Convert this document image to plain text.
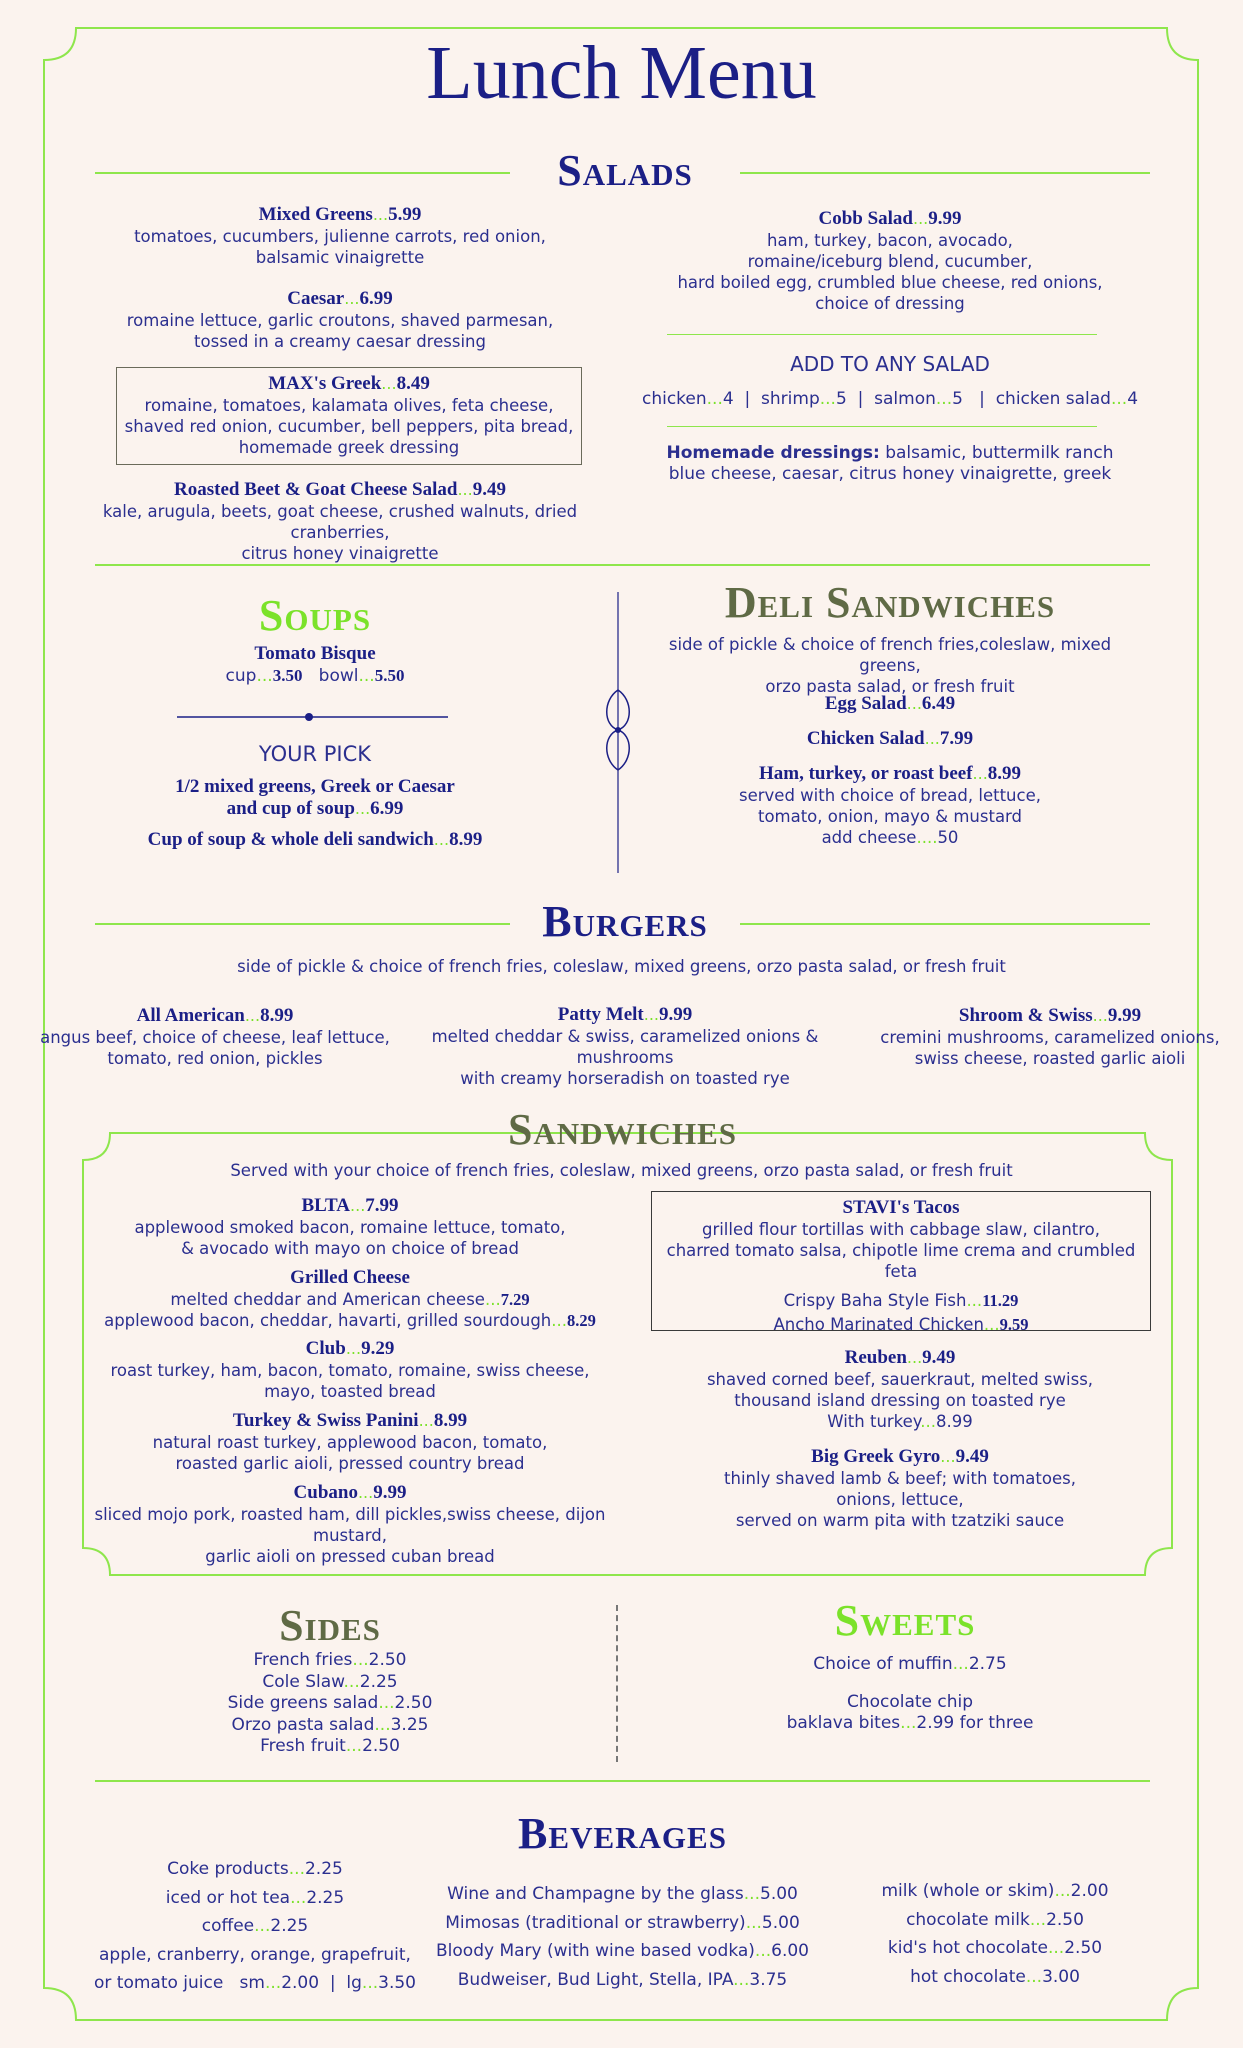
Lunch Menu
Salads
Mixed Greens...5.99
tomatoes, cucumbers, julienne carrots, red onion,
balsamic vinaigrette
Caesar...6.99
romaine lettuce, garlic croutons, shaved parmesan,
tossed in a creamy caesar dressing
MAX's Greek...8.49
romaine, tomatoes, kalamata olives, feta cheese,
shaved red onion, cucumber, bell peppers, pita bread,
homemade greek dressing
Roasted Beet & Goat Cheese Salad...9.49
kale, arugula, beets, goat cheese, crushed walnuts, dried cranberries,
citrus honey vinaigrette
Cobb Salad...9.99
ham, turkey, bacon, avocado,
romaine/iceburg blend, cucumber,
hard boiled egg, crumbled blue cheese, red onions,
choice of dressing
ADD TO ANY SALAD
chicken...4 | shrimp...5 | salmon...5 | chicken salad...4
Homemade dressings: balsamic, buttermilk ranch
blue cheese, caesar, citrus honey vinaigrette, greek
Soups
Tomato Bisque
cup...3.50 bowl...5.50
YOUR PICK
1/2 mixed greens, Greek or Caesar
and cup of soup...6.99
Cup of soup & whole deli sandwich...8.99
Deli Sandwiches
side of pickle & choice of french fries,coleslaw, mixed greens,
orzo pasta salad, or fresh fruit
Egg Salad...6.49
Chicken Salad...7.99
Ham, turkey, or roast beef...8.99
served with choice of bread, lettuce,
tomato, onion, mayo & mustard
add cheese....50
Burgers
side of pickle & choice of french fries, coleslaw, mixed greens, orzo pasta salad, or fresh fruit
All American...8.99
angus beef, choice of cheese, leaf lettuce,
tomato, red onion, pickles
Patty Melt...9.99
melted cheddar & swiss, caramelized onions & mushrooms
with creamy horseradish on toasted rye
Shroom & Swiss...9.99
cremini mushrooms, caramelized onions,
swiss cheese, roasted garlic aioli
Sandwiches
Served with your choice of french fries, coleslaw, mixed greens, orzo pasta salad, or fresh fruit
BLTA...7.99
applewood smoked bacon, romaine lettuce, tomato,
& avocado with mayo on choice of bread
Grilled Cheese
melted cheddar and American cheese...7.29
applewood bacon, cheddar, havarti, grilled sourdough...8.29
Club...9.29
roast turkey, ham, bacon, tomato, romaine, swiss cheese,
mayo, toasted bread
Turkey & Swiss Panini...8.99
natural roast turkey, applewood bacon, tomato,
roasted garlic aioli, pressed country bread
Cubano...9.99
sliced mojo pork, roasted ham, dill pickles,swiss cheese, dijon mustard,
garlic aioli on pressed cuban bread
STAVI's Tacos
grilled flour tortillas with cabbage slaw, cilantro,
charred tomato salsa, chipotle lime crema and crumbled feta
Crispy Baha Style Fish...11.29
Ancho Marinated Chicken...9.59
Reuben...9.49
shaved corned beef, sauerkraut, melted swiss,
thousand island dressing on toasted rye
With turkey...8.99
Big Greek Gyro...9.49
thinly shaved lamb & beef; with tomatoes,
onions, lettuce,
served on warm pita with tzatziki sauce
Sides
French fries...2.50
Cole Slaw...2.25
Side greens salad...2.50
Orzo pasta salad...3.25
Fresh fruit...2.50
Sweets
Choice of muffin...2.75
Chocolate chip
baklava bites...2.99 for three
Beverages
Coke products...2.25
iced or hot tea...2.25
coffee...2.25
apple, cranberry, orange, grapefruit,
or tomato juice sm...2.00 | lg...3.50
Wine and Champagne by the glass...5.00
Mimosas (traditional or strawberry)...5.00
Bloody Mary (with wine based vodka)...6.00
Budweiser, Bud Light, Stella, IPA...3.75
milk (whole or skim)...2.00
chocolate milk...2.50
kid's hot chocolate...2.50
hot chocolate...3.00
